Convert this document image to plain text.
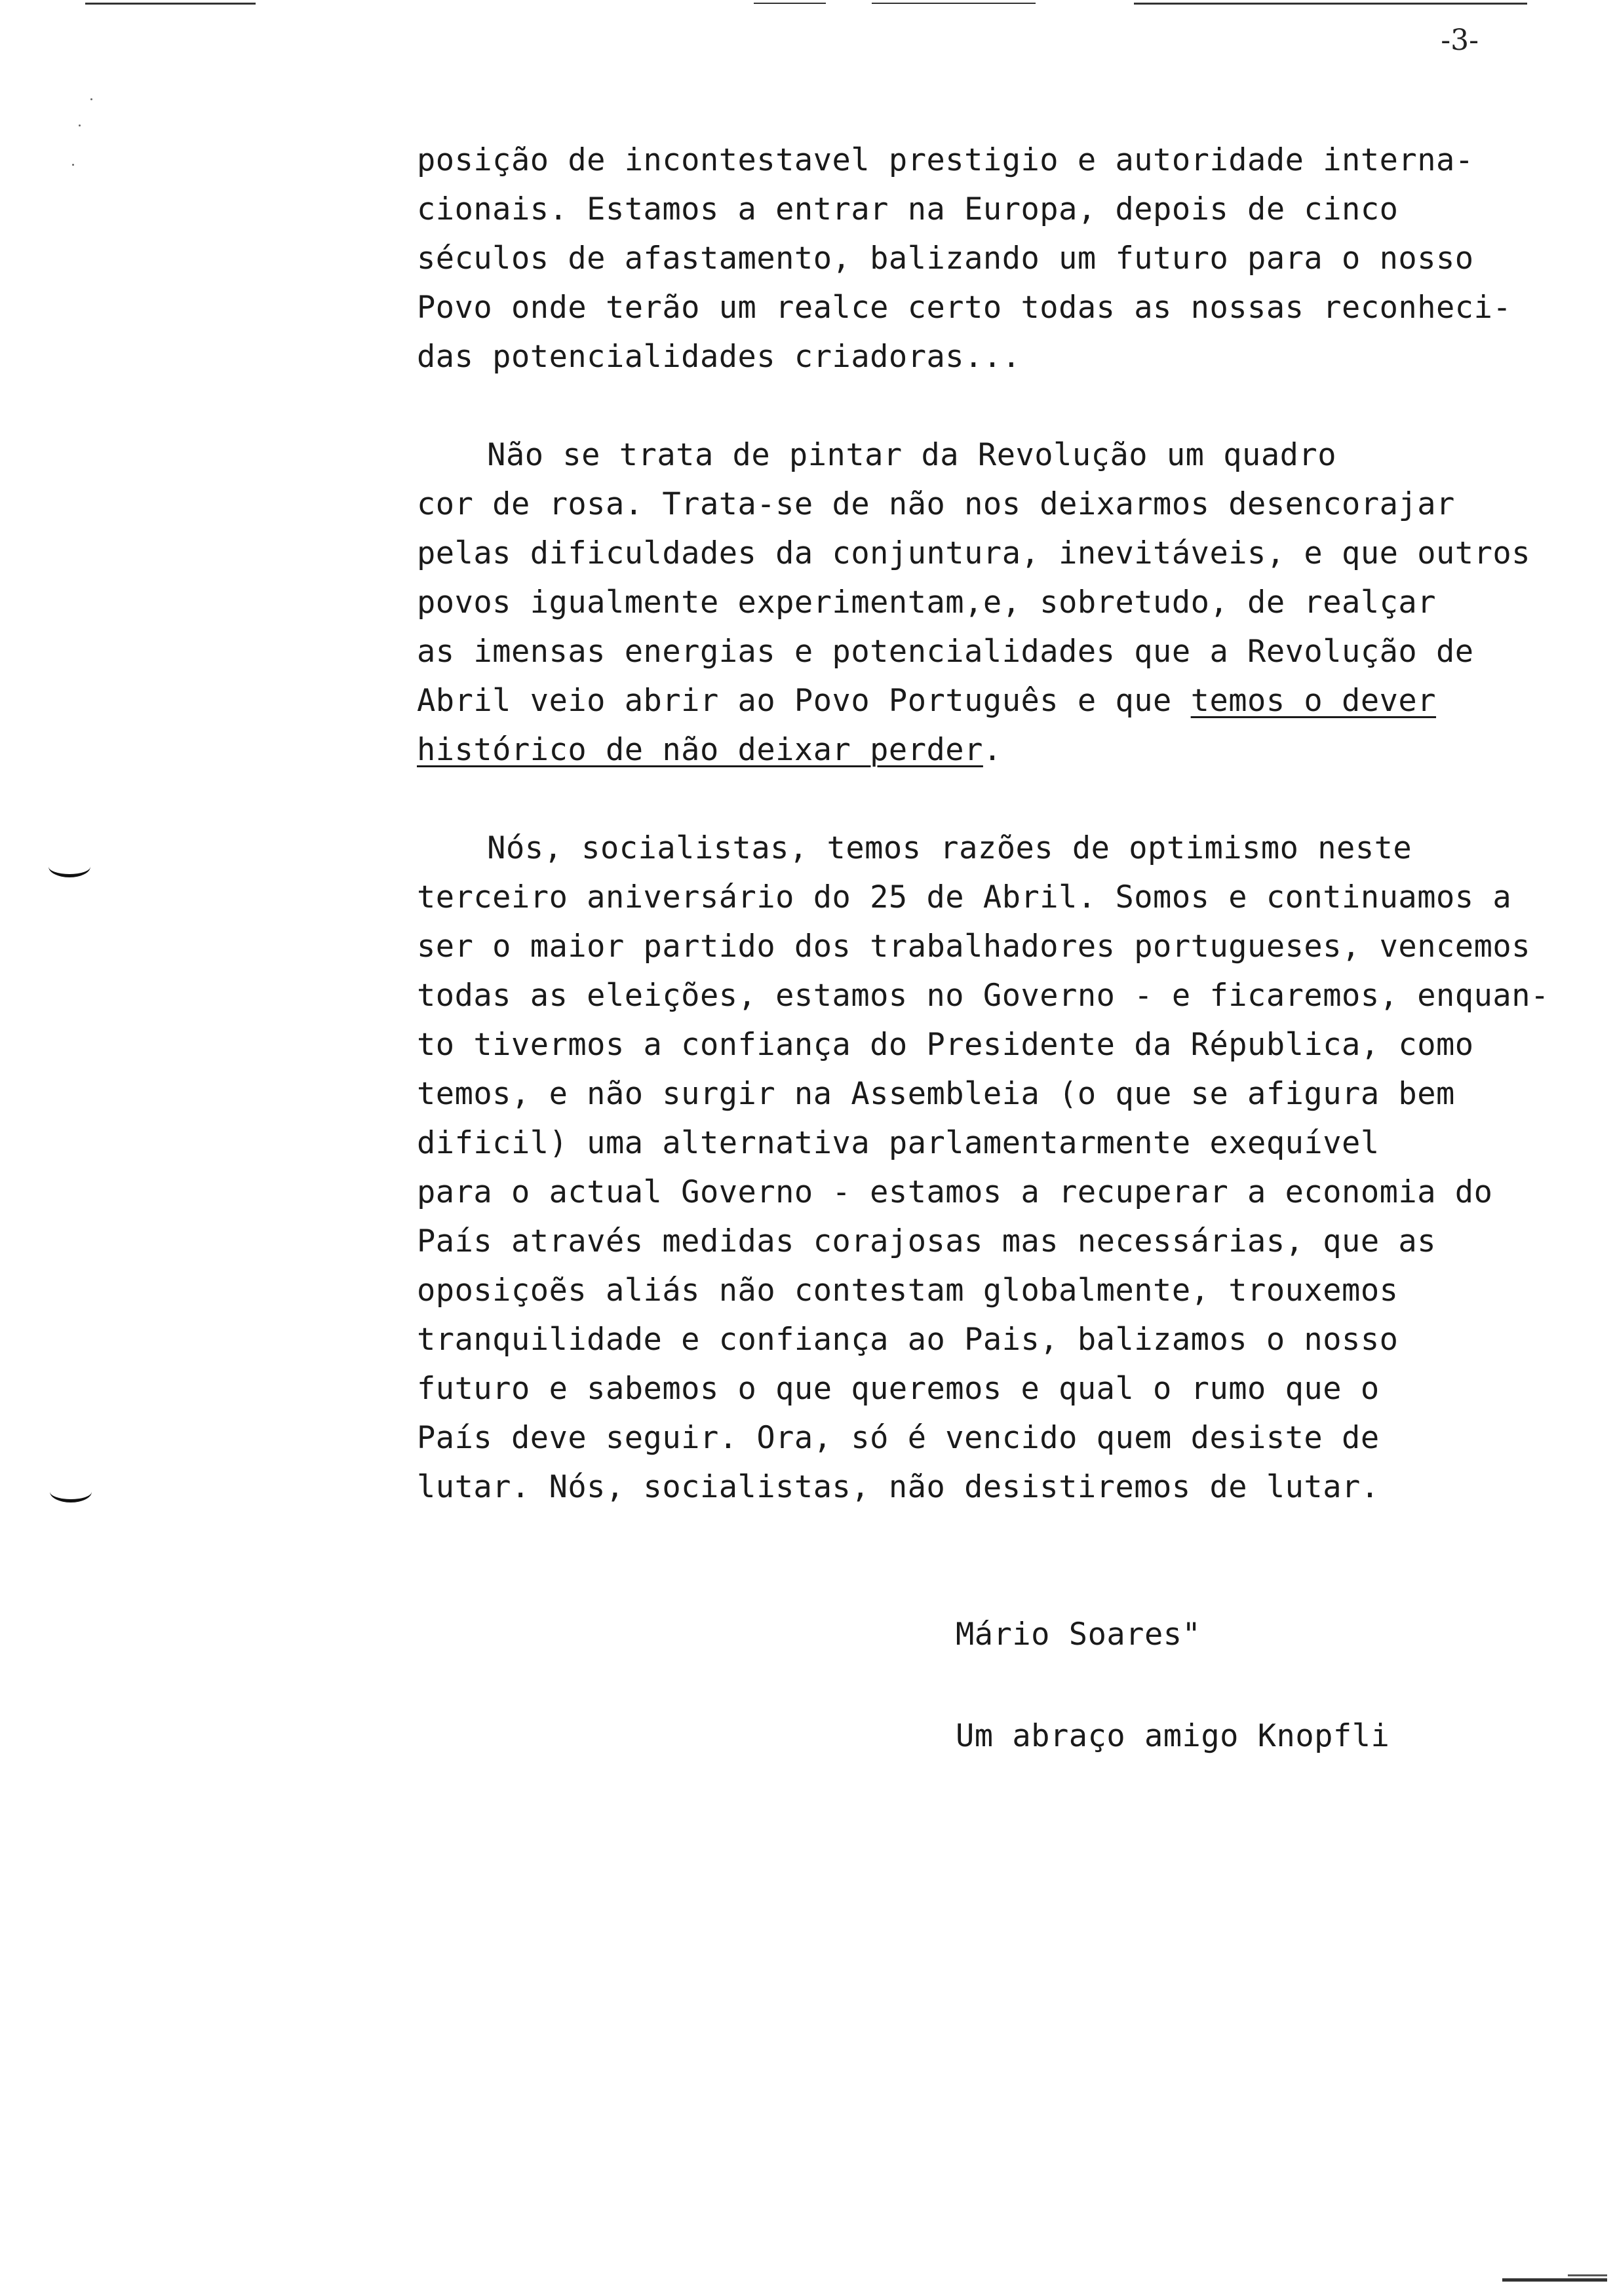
-3-
posição de incontestavel prestigio e autoridade interna-
cionais. Estamos a entrar na Europa, depois de cinco
séculos de afastamento, balizando um futuro para o nosso
Povo onde terão um realce certo todas as nossas reconheci-
das potencialidades criadoras...
Não se trata de pintar da Revolução um quadro
cor de rosa. Trata-se de não nos deixarmos desencorajar
pelas dificuldades da conjuntura, inevitáveis, e que outros
povos igualmente experimentam,e, sobretudo, de realçar
as imensas energias e potencialidades que a Revolução de
Abril veio abrir ao Povo Português e que temos o dever
histórico de não deixar perder.
Nós, socialistas, temos razões de optimismo neste
terceiro aniversário do 25 de Abril. Somos e continuamos a
ser o maior partido dos trabalhadores portugueses, vencemos
todas as eleições, estamos no Governo - e ficaremos, enquan-
to tivermos a confiança do Presidente da Républica, como
temos, e não surgir na Assembleia (o que se afigura bem
dificil) uma alternativa parlamentarmente exequível
para o actual Governo - estamos a recuperar a economia do
País através medidas corajosas mas necessárias, que as
oposiçoẽs aliás não contestam globalmente, trouxemos
tranquilidade e confiança ao Pais, balizamos o nosso
futuro e sabemos o que queremos e qual o rumo que o
País deve seguir. Ora, só é vencido quem desiste de
lutar. Nós, socialistas, não desistiremos de lutar.
Mário Soares"
Um abraço amigo Knopfli
